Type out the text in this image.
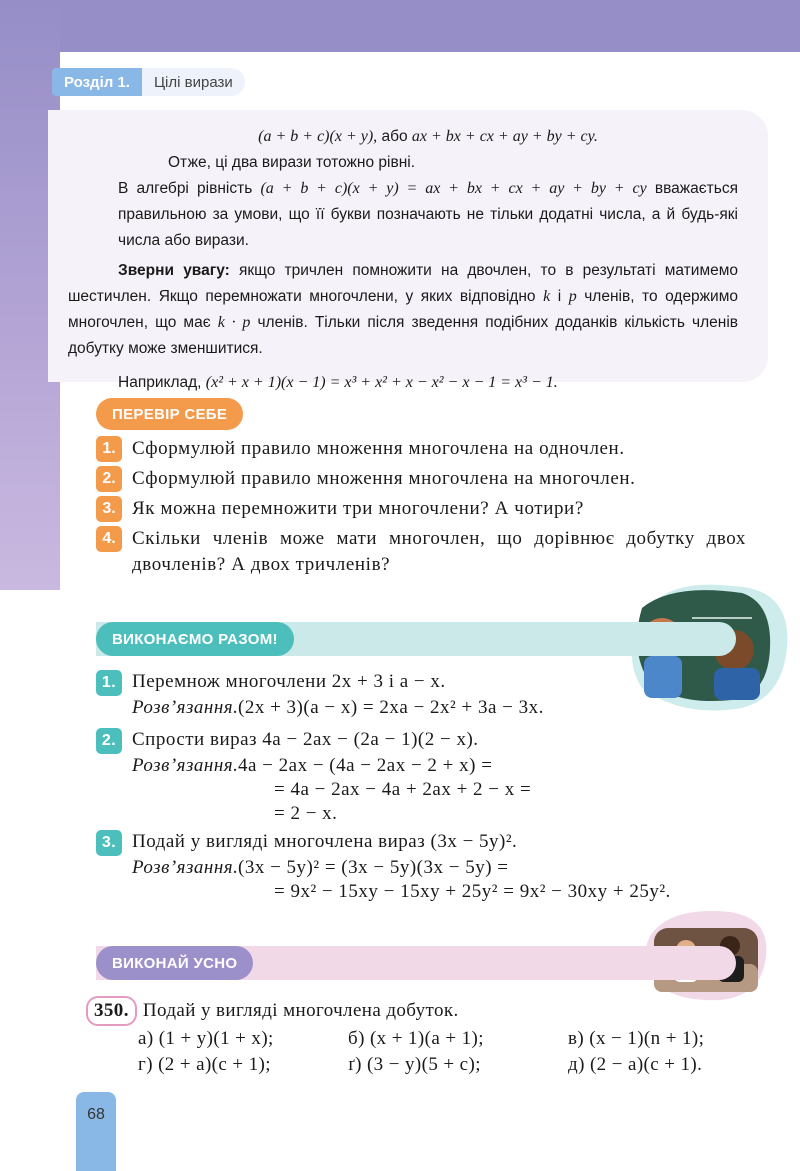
Розділ 1.	Цілі вирази

(a + b + c)(x + y), або ax + bx + cx + ay + by + cy.

Отже, ці два вирази тотожно рівні.

В алгебрі рівність (a + b + c)(x + y) = ax + bx + cx + ay + by + cy вважається правильною за умови, що її букви позначають не тільки додатні числа, а й будь-які числа або вирази.

Зверни увагу: якщо тричлен помножити на двочлен, то в результаті матимемо шестичлен. Якщо перемножати многочлени, у яких відповідно k і p членів, то одержимо многочлен, що має k · p членів. Тільки після зведення подібних доданків кількість членів добутку може зменшитися.

Наприклад, (x² + x + 1)(x − 1) = x³ + x² + x − x² − x − 1 = x³ − 1.

ПЕРЕВІР СЕБЕ
1. Сформулюй правило множення многочлена на одночлен.
2. Сформулюй правило множення многочлена на многочлен.
3. Як можна перемножити три многочлени? А чотири?
4. Скільки членів може мати многочлен, що дорівнює добутку двох двочленів? А двох тричленів?
ВИКОНАЄМО РАЗОМ!
1. Перемнож многочлени 2x + 3 і a − x.
Розв’язання. (2x + 3)(a − x) = 2xa − 2x² + 3a − 3x.
2. Спрости вираз 4a − 2ax − (2a − 1)(2 − x).
Розв’язання. 4a − 2ax − (4a − 2ax − 2 + x) =
= 4a − 2ax − 4a + 2ax + 2 − x =
= 2 − x.
3. Подай у вигляді многочлена вираз (3x − 5y)².
Розв’язання. (3x − 5y)² = (3x − 5y)(3x − 5y) =
= 9x² − 15xy − 15xy + 25y² = 9x² − 30xy + 25y².
ВИКОНАЙ УСНО
350. Подай у вигляді многочлена добуток.
а) (1 + y)(1 + x);	б) (x + 1)(a + 1);	в) (x − 1)(n + 1);
г) (2 + a)(c + 1);	ґ) (3 − y)(5 + c);	д) (2 − a)(c + 1).
68
